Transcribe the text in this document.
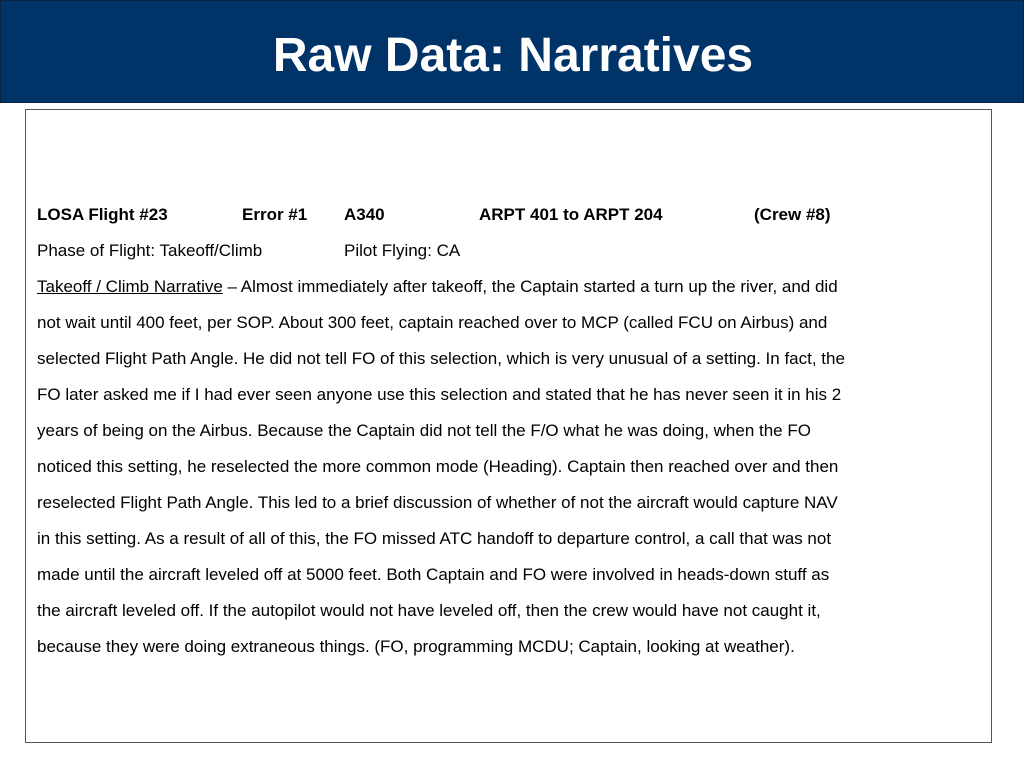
Raw Data: Narratives
LOSA Flight #23	Error #1 A340	ARPT 401 to ARPT 204	(Crew #8)
Phase of Flight: Takeoff/Climb	Pilot Flying: CA
Takeoff / Climb Narrative – Almost immediately after takeoff, the Captain started a turn up the river, and did
not wait until 400 feet, per SOP. About 300 feet, captain reached over to MCP (called FCU on Airbus) and
selected Flight Path Angle. He did not tell FO of this selection, which is very unusual of a setting. In fact, the
FO later asked me if I had ever seen anyone use this selection and stated that he has never seen it in his 2
years of being on the Airbus. Because the Captain did not tell the F/O what he was doing, when the FO
noticed this setting, he reselected the more common mode (Heading). Captain then reached over and then
reselected Flight Path Angle. This led to a brief discussion of whether of not the aircraft would capture NAV
in this setting. As a result of all of this, the FO missed ATC handoff to departure control, a call that was not
made until the aircraft leveled off at 5000 feet. Both Captain and FO were involved in heads-down stuff as
the aircraft leveled off. If the autopilot would not have leveled off, then the crew would have not caught it,
because they were doing extraneous things. (FO, programming MCDU; Captain, looking at weather).
